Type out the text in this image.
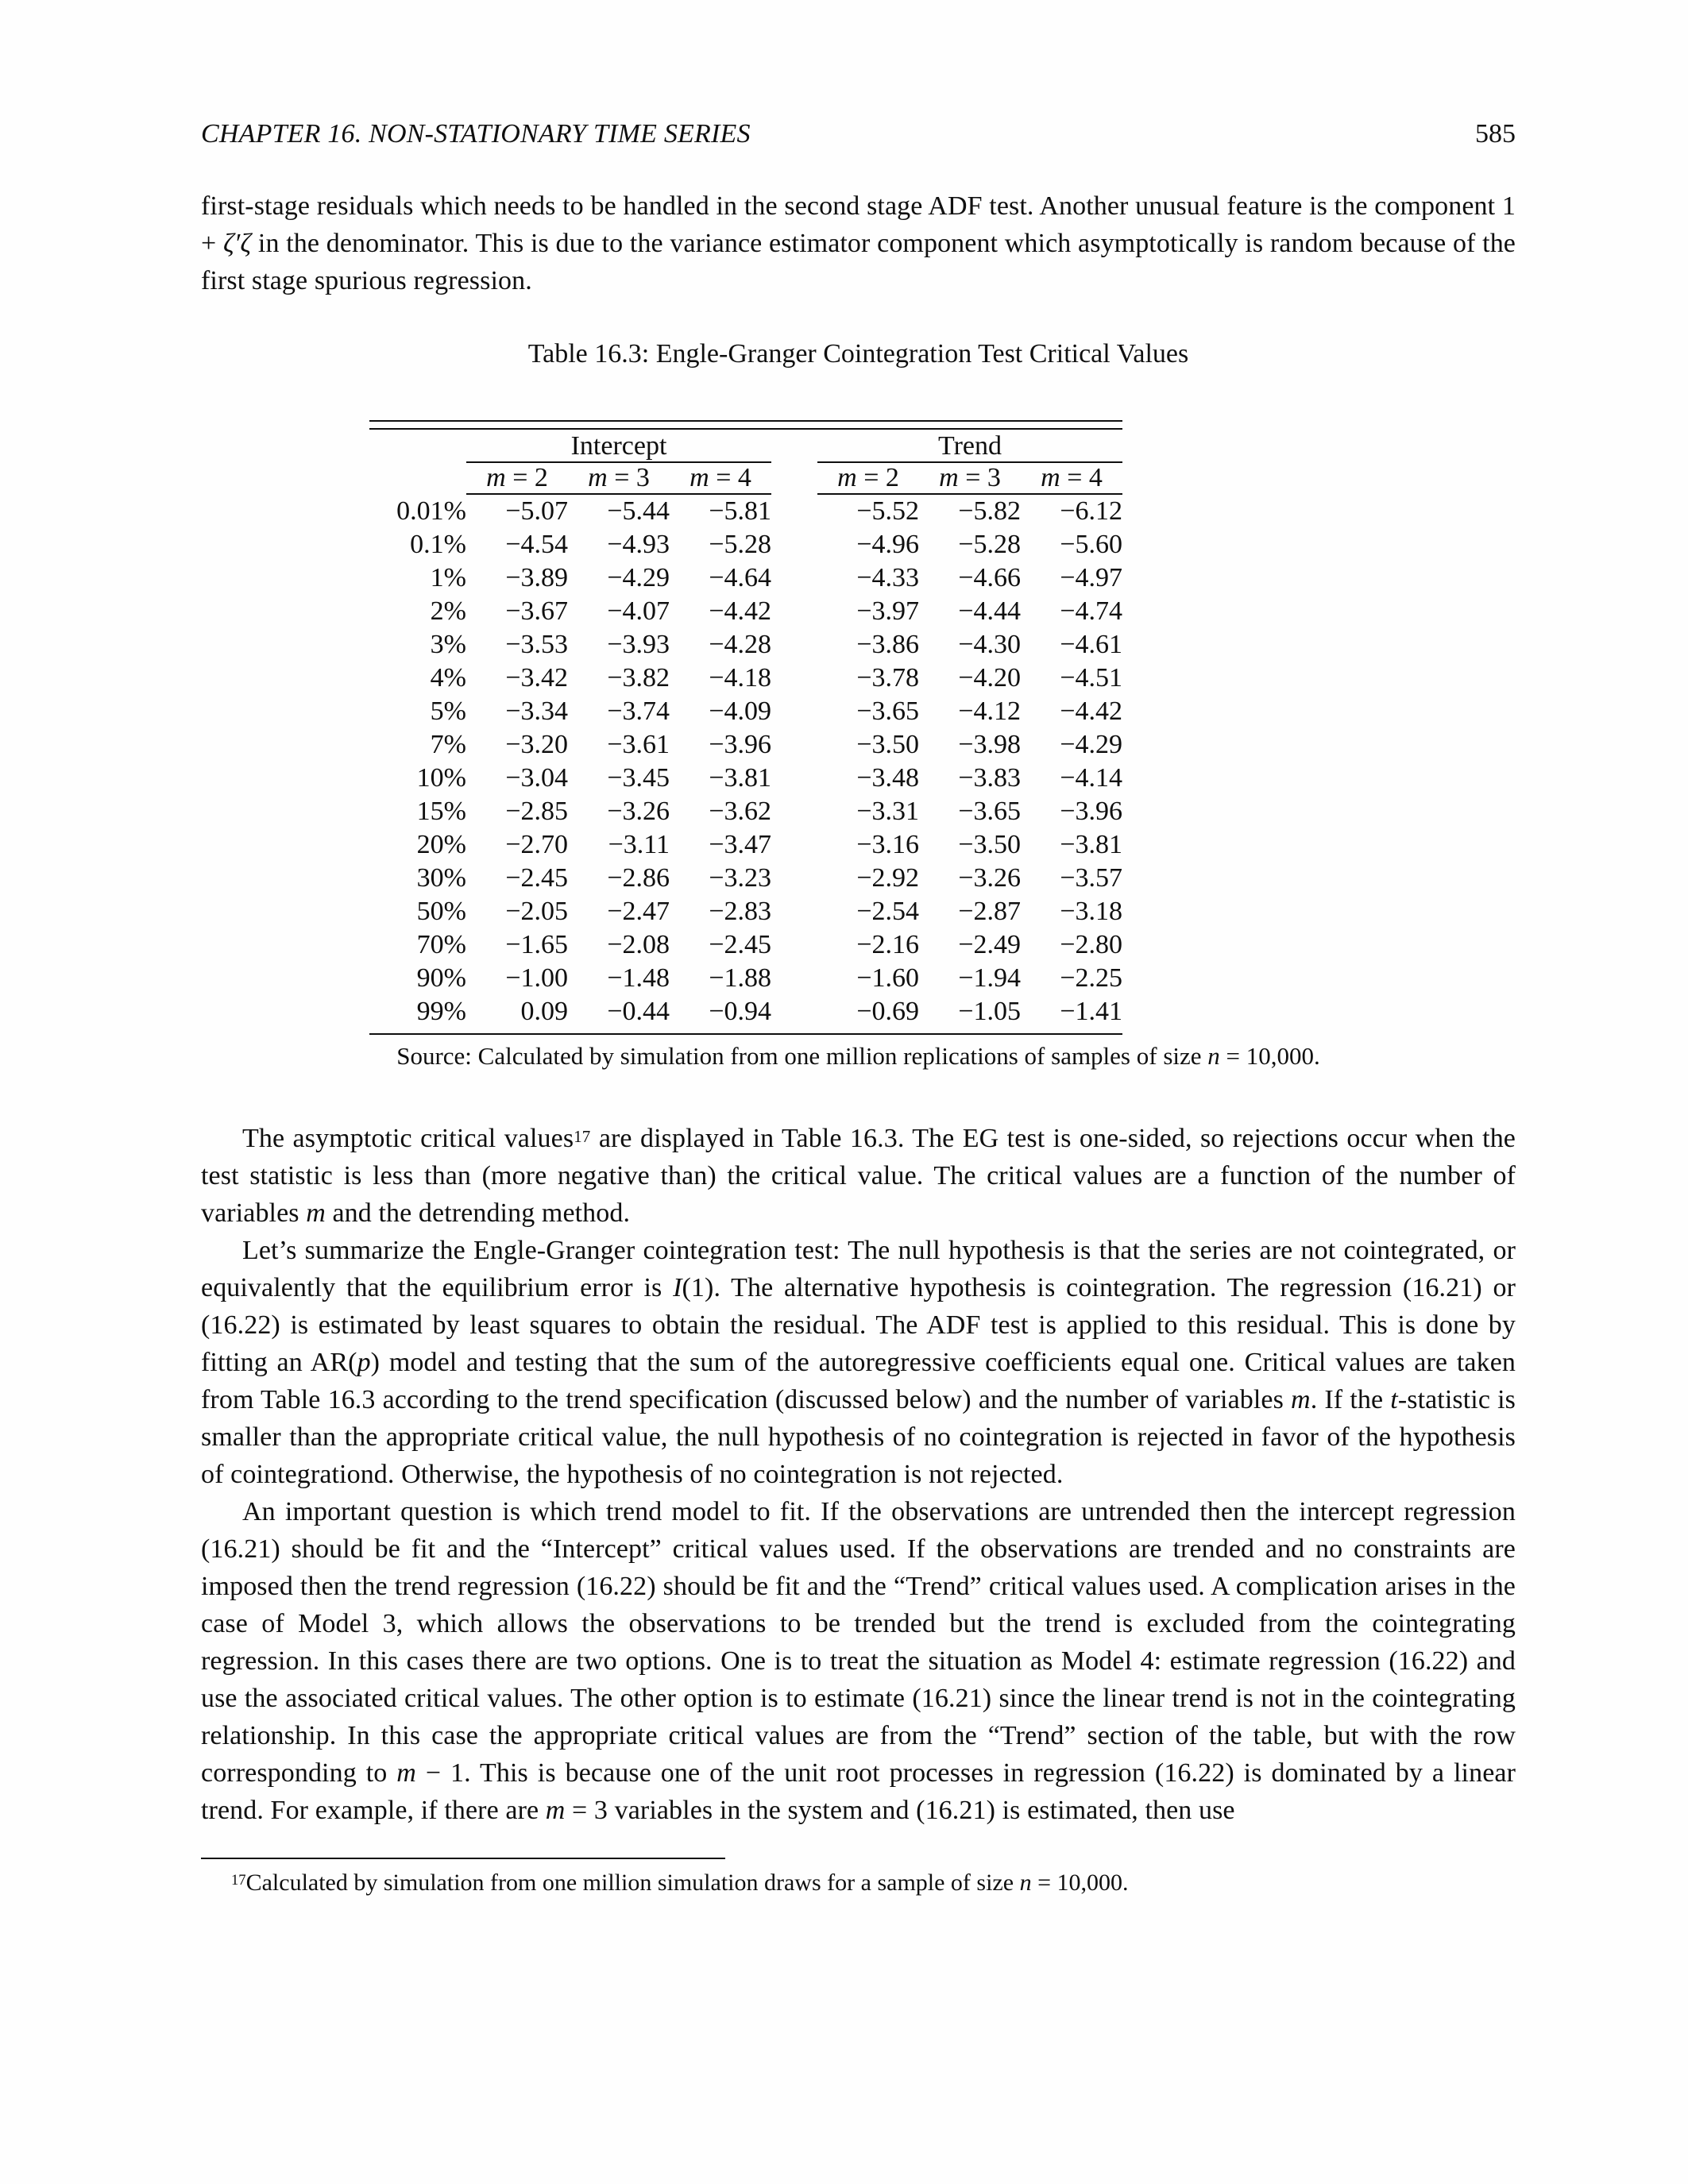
CHAPTER 16. NON-STATIONARY TIME SERIES	585

first-stage residuals which needs to be handled in the second stage ADF test. Another unusual feature is the component 1 + ζ′ζ in the denominator. This is due to the variance estimator component which asymptotically is random because of the first stage spurious regression.

Table 16.3: Engle-Granger Cointegration Test Critical Values
	Intercept				Trend		
	m = 2	m = 3	m = 4		m = 2	m = 3	m = 4
0.01%	−5.07	−5.44	−5.81		−5.52	−5.82	−6.12
0.1%	−4.54	−4.93	−5.28		−4.96	−5.28	−5.60
1%	−3.89	−4.29	−4.64		−4.33	−4.66	−4.97
2%	−3.67	−4.07	−4.42		−3.97	−4.44	−4.74
3%	−3.53	−3.93	−4.28		−3.86	−4.30	−4.61
4%	−3.42	−3.82	−4.18		−3.78	−4.20	−4.51
5%	−3.34	−3.74	−4.09		−3.65	−4.12	−4.42
7%	−3.20	−3.61	−3.96		−3.50	−3.98	−4.29
10%	−3.04	−3.45	−3.81		−3.48	−3.83	−4.14
15%	−2.85	−3.26	−3.62		−3.31	−3.65	−3.96
20%	−2.70	−3.11	−3.47		−3.16	−3.50	−3.81
30%	−2.45	−2.86	−3.23		−2.92	−3.26	−3.57
50%	−2.05	−2.47	−2.83		−2.54	−2.87	−3.18
70%	−1.65	−2.08	−2.45		−2.16	−2.49	−2.80
90%	−1.00	−1.48	−1.88		−1.60	−1.94	−2.25
99%	0.09	−0.44	−0.94		−0.69	−1.05	−1.41
Source: Calculated by simulation from one million replications of samples of size n = 10,000.

The asymptotic critical values$^{17}$ are displayed in Table 16.3. The EG test is one-sided, so rejections occur when the test statistic is less than (more negative than) the critical value. The critical values are a function of the number of variables m and the detrending method.

Let’s summarize the Engle-Granger cointegration test: The null hypothesis is that the series are not cointegrated, or equivalently that the equilibrium error is I(1). The alternative hypothesis is cointegration. The regression (16.21) or (16.22) is estimated by least squares to obtain the residual. The ADF test is applied to this residual. This is done by fitting an AR(p) model and testing that the sum of the autoregressive coefficients equal one. Critical values are taken from Table 16.3 according to the trend specification (discussed below) and the number of variables m. If the t-statistic is smaller than the appropriate critical value, the null hypothesis of no cointegration is rejected in favor of the hypothesis of cointegrationd. Otherwise, the hypothesis of no cointegration is not rejected.

An important question is which trend model to fit. If the observations are untrended then the intercept regression (16.21) should be fit and the “Intercept” critical values used. If the observations are trended and no constraints are imposed then the trend regression (16.22) should be fit and the “Trend” critical values used. A complication arises in the case of Model 3, which allows the observations to be trended but the trend is excluded from the cointegrating regression. In this cases there are two options. One is to treat the situation as Model 4: estimate regression (16.22) and use the associated critical values. The other option is to estimate (16.21) since the linear trend is not in the cointegrating relationship. In this case the appropriate critical values are from the “Trend” section of the table, but with the row corresponding to m − 1. This is because one of the unit root processes in regression (16.22) is dominated by a linear trend. For example, if there are m = 3 variables in the system and (16.21) is estimated, then use

$^{17}$Calculated by simulation from one million simulation draws for a sample of size n = 10,000.
